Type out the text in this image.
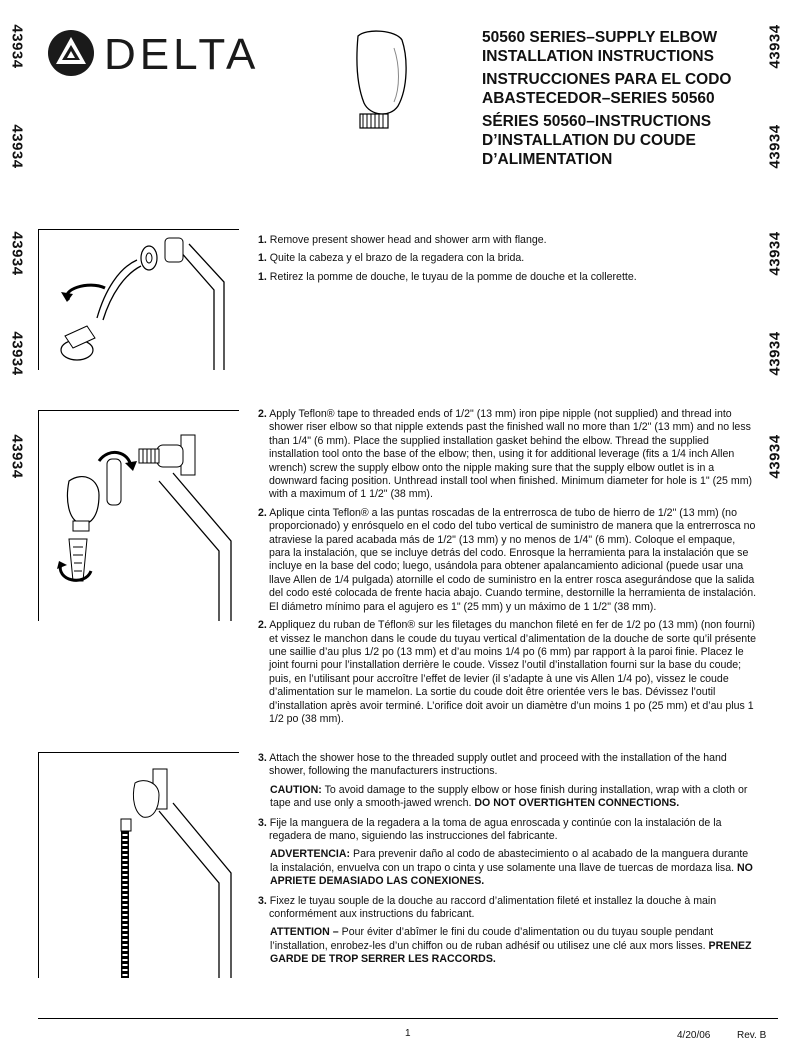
43934
43934
43934
43934
43934
43934
43934
43934
43934
43934
DELTA	50560 SERIES–SUPPLY ELBOW
INSTALLATION INSTRUCTIONS
INSTRUCCIONES PARA EL CODO
ABASTECEDOR–SERIES 50560
SÉRIES 50560–INSTRUCTIONS
D’INSTALLATION DU COUDE
D’ALIMENTATION

1. Remove present shower head and shower arm with flange.

1. Quite la cabeza y el brazo de la regadera con la brida.

1. Retirez la pomme de douche, le tuyau de la pomme de douche et la collerette.

2. Apply Teflon® tape to threaded ends of 1/2" (13 mm) iron pipe nipple (not supplied) and thread into shower riser elbow so that nipple extends past the finished wall no more than 1/2" (13 mm) and no less than 1/4" (6 mm). Place the supplied installation gasket behind the elbow. Thread the supplied installation tool onto the base of the elbow; then, using it for additional leverage (fits a 1/4 inch Allen wrench) screw the supply elbow onto the nipple making sure that the supply elbow outlet is in a downward facing position. Unthread install tool when finished. Minimum diameter for hole is 1" (25 mm) with a maximum of 1 1/2" (38 mm).

2. Aplique cinta Teflon® a las puntas roscadas de la entrerrosca de tubo de hierro de 1/2" (13 mm) (no proporcionado) y enrósquelo en el codo del tubo vertical de suministro de manera que la entrerrosca no atraviese la pared acabada más de 1/2" (13 mm) y no menos de 1/4" (6 mm). Coloque el empaque, para la instalación, que se incluye detrás del codo. Enrosque la herramienta para la instalación que se incluye en la base del codo; luego, usándola para obtener apalancamiento adicional (puede usar una llave Allen de 1/4 pulgada) atornille el codo de suministro en la entrer rosca asegurándose que la salida del codo esté colocada de frente hacia abajo. Cuando termine, destornille la herramienta de instalación. El diámetro mínimo para el agujero es 1" (25 mm) y un máximo de 1 1/2" (38 mm).

2. Appliquez du ruban de Téflon® sur les filetages du manchon fileté en fer de 1/2 po (13 mm) (non fourni) et vissez le manchon dans le coude du tuyau vertical d’alimentation de la douche de sorte qu’il présente une saillie d’au plus 1/2 po (13 mm) et d’au moins 1/4 po (6 mm) par rapport à la paroi finie. Placez le joint fourni pour l’installation derrière le coude. Vissez l’outil d’installation fourni sur la base du coude; puis, en l’utilisant pour accroître l’effet de levier (il s’adapte à une vis Allen 1/4 po), vissez le coude d’alimentation sur le mamelon. La sortie du coude doit être orientée vers le bas. Dévissez l’outil d’installation après avoir terminé. L’orifice doit avoir un diamètre d’un moins 1 po (25 mm) et d’au plus 1 1/2 po (38 mm).

3. Attach the shower hose to the threaded supply outlet and proceed with the installation of the hand shower, following the manufacturers instructions.

CAUTION: To avoid damage to the supply elbow or hose finish during installation, wrap with a cloth or tape and use only a smooth-jawed wrench. DO NOT OVERTIGHTEN CONNECTIONS.

3. Fije la manguera de la regadera a la toma de agua enroscada y continúe con la instalación de la regadera de mano, siguiendo las instrucciones del fabricante.

ADVERTENCIA: Para prevenir daño al codo de abastecimiento o al acabado de la manguera durante la instalación, envuelva con un trapo o cinta y use solamente una llave de tuercas de mordaza lisa. NO APRIETE DEMASIADO LAS CONEXIONES.

3. Fixez le tuyau souple de la douche au raccord d’alimentation fileté et installez la douche à main conformément aux instructions du fabricant.

ATTENTION – Pour éviter d’abîmer le fini du coude d’alimentation ou du tuyau souple pendant l’installation, enrobez-les d’un chiffon ou de ruban adhésif ou utilisez une clé aux mors lisses. PRENEZ GARDE DE TROP SERRER LES RACCORDS.
1	4/20/06	Rev. B
